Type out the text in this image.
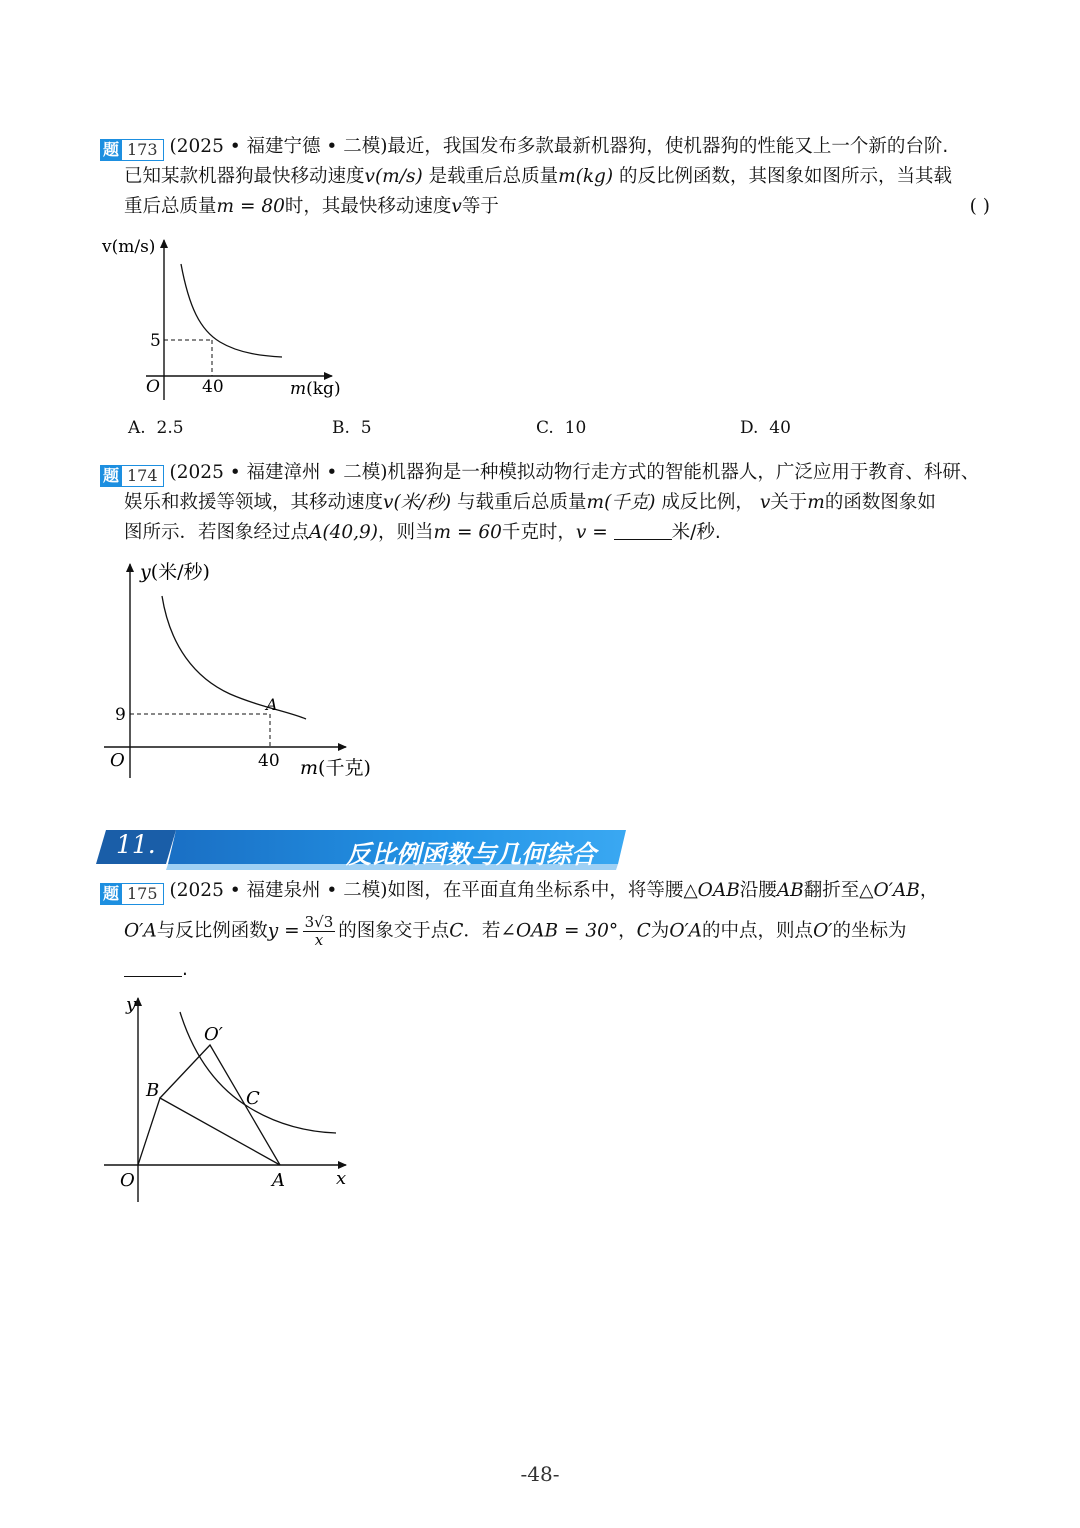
题 173 (2025 • 福建宁德 • 二模)最近，我国发布多款最新机器狗，使机器狗的性能又上一个新的台阶.
已知某款机器狗最快移动速度v(m/s) 是载重后总质量m(kg) 的反比例函数，其图象如图所示，当其载
重后总质量m = 80时，其最快移动速度v等于	( )
v(m/s)
5
O 40	m(kg)
A. 2.5	B. 5	C. 10	D. 40
题 174 (2025 • 福建漳州 • 二模)机器狗是一种模拟动物行走方式的智能机器人，广泛应用于教育、科研、
娱乐和救援等领域，其移动速度v(米/秒) 与载重后总质量m(千克) 成反比例， v关于m的函数图象如
图所示．若图象经过点A(40,9)，则当m = 60千克时，v =	米/秒.
y(米/秒)
9
A
O	40 m(千克)
11.	反比例函数与几何综合
题 175 (2025 • 福建泉州 • 二模)如图，在平面直角坐标系中，将等腰△OAB沿腰AB翻折至△O′AB，
O′A与反比例函数$y = \frac{3√3}{x}$ 的图象交于点C．若∠OAB = 30°，C为O′A的中点，则点O′的坐标为
.
y
x
O	A
B	C
O′
-48-
